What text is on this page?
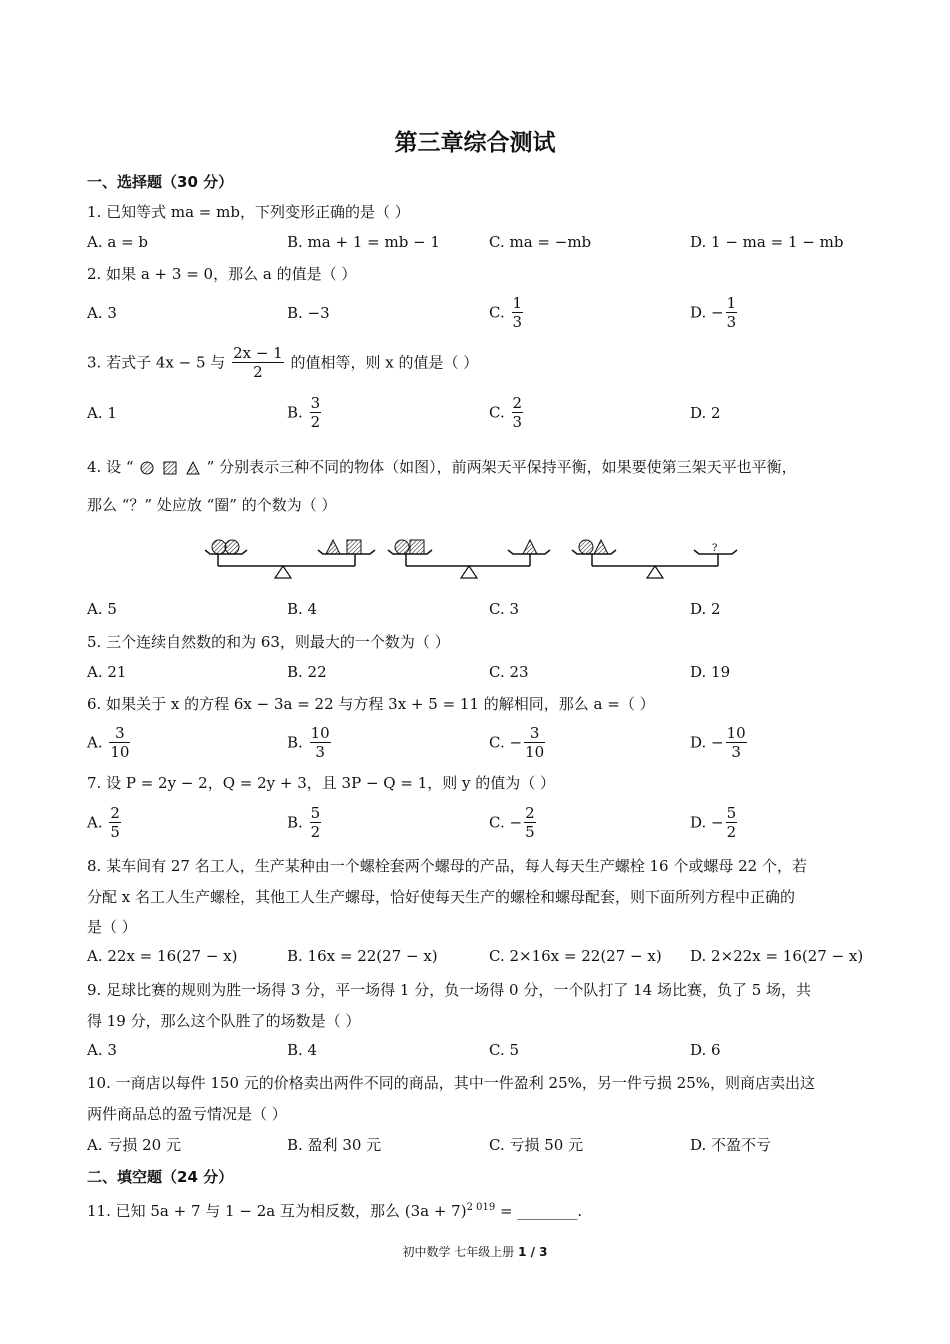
第三章综合测试
一、选择题（30 分）
1. 已知等式 ma = mb，下列变形正确的是（ ）
A. a = b	B. ma + 1 = mb − 1	C. ma = −mb	D. 1 − ma = 1 − mb
2. 如果 a + 3 = 0，那么 a 的值是（ ）
A. 3	B. −3	C. $\frac{1}{3}$	D. − $\frac{1}{3}$
3. 若式子 4x − 5 与 $\frac{2x - 1}{2}$ 的值相等，则 x 的值是（ ）
A. 1	B. $\frac{3}{2}$	C. $\frac{2}{3}$	D. 2
4. 设 “	” 分别表示三种不同的物体（如图），前两架天平保持平衡，如果要使第三架天平也平衡，
那么 “？” 处应放 “圈” 的个数为（ ）
?
A. 5	B. 4	C. 3	D. 2
5. 三个连续自然数的和为 63，则最大的一个数为（ ）
A. 21	B. 22	C. 23	D. 19
6. 如果关于 x 的方程 6x − 3a = 22 与方程 3x + 5 = 11 的解相同，那么 a =（ ）
A. $\frac{3}{10}$	B. $\frac{10}{3}$	C. − $\frac{3}{10}$	D. − $\frac{10}{3}$
7. 设 P = 2y − 2，Q = 2y + 3，且 3P − Q = 1，则 y 的值为（ ）
A. $\frac{2}{5}$	B. $\frac{5}{2}$	C. − $\frac{2}{5}$	D. − $\frac{5}{2}$
8. 某车间有 27 名工人，生产某种由一个螺栓套两个螺母的产品，每人每天生产螺栓 16 个或螺母 22 个，若
分配 x 名工人生产螺栓，其他工人生产螺母，恰好使每天生产的螺栓和螺母配套，则下面所列方程中正确的
是（ ）
A. 22x = 16(27 − x)	B. 16x = 22(27 − x)	C. 2×16x = 22(27 − x) D. 2×22x = 16(27 − x)
9. 足球比赛的规则为胜一场得 3 分，平一场得 1 分，负一场得 0 分，一个队打了 14 场比赛，负了 5 场，共
得 19 分，那么这个队胜了的场数是（ ）
A. 3	B. 4	C. 5	D. 6
10. 一商店以每件 150 元的价格卖出两件不同的商品，其中一件盈利 25%，另一件亏损 25%，则商店卖出这
两件商品总的盈亏情况是（ ）
A. 亏损 20 元	B. 盈利 30 元	C. 亏损 50 元	D. 不盈不亏
二、填空题（24 分）
11. 已知 5a + 7 与 1 − 2a 互为相反数，那么 $(3a + 7)^{2 019}$ = ________.
初中数学 七年级上册 1 / 3
